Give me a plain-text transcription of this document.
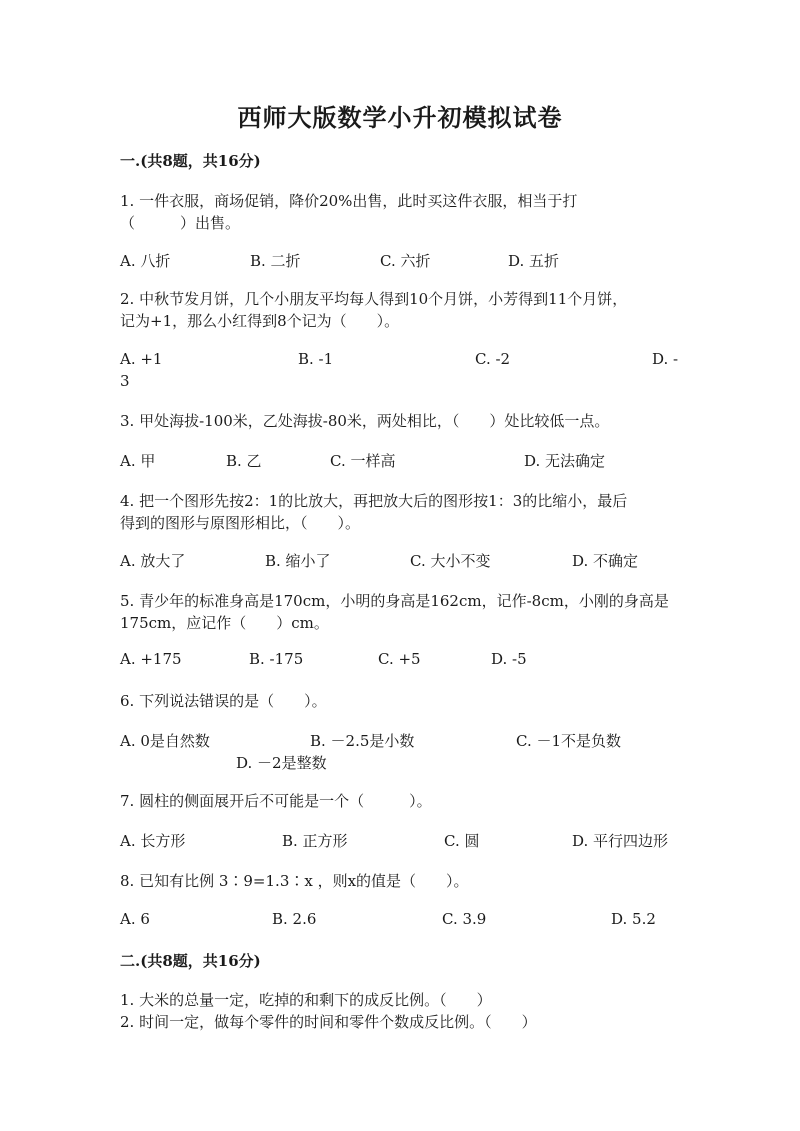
西师大版数学小升初模拟试卷
一.(共8题，共16分)
1. 一件衣服，商场促销，降价20%出售，此时买这件衣服，相当于打
（　　　）出售。
A. 八折	B. 二折	C. 六折	D. 五折
2. 中秋节发月饼，几个小朋友平均每人得到10个月饼，小芳得到11个月饼，
记为+1，那么小红得到8个记为（　　）。
A. +1	B. -1	C. -2	D. -
3
3. 甲处海拔-100米，乙处海拔-80米，两处相比，（　　）处比较低一点。
A. 甲	B. 乙	C. 一样高	D. 无法确定
4. 把一个图形先按2：1的比放大，再把放大后的图形按1：3的比缩小，最后
得到的图形与原图形相比，（　　）。
A. 放大了	B. 缩小了	C. 大小不变	D. 不确定
5. 青少年的标准身高是170cm，小明的身高是162cm，记作-8cm，小刚的身高是
175cm，应记作（　　）cm。
A. +175	B. -175	C. +5	D. -5
6. 下列说法错误的是（　　）。
A. 0是自然数	B. －2.5是小数	C. －1不是负数
D. －2是整数
7. 圆柱的侧面展开后不可能是一个（　　　）。
A. 长方形	B. 正方形	C. 圆	D. 平行四边形
8. 已知有比例 3∶9=1.3∶x ，则x的值是（　　）。
A. 6	B. 2.6	C. 3.9	D. 5.2
二.(共8题，共16分)
1. 大米的总量一定，吃掉的和剩下的成反比例。（　　）
2. 时间一定，做每个零件的时间和零件个数成反比例。（　　）
